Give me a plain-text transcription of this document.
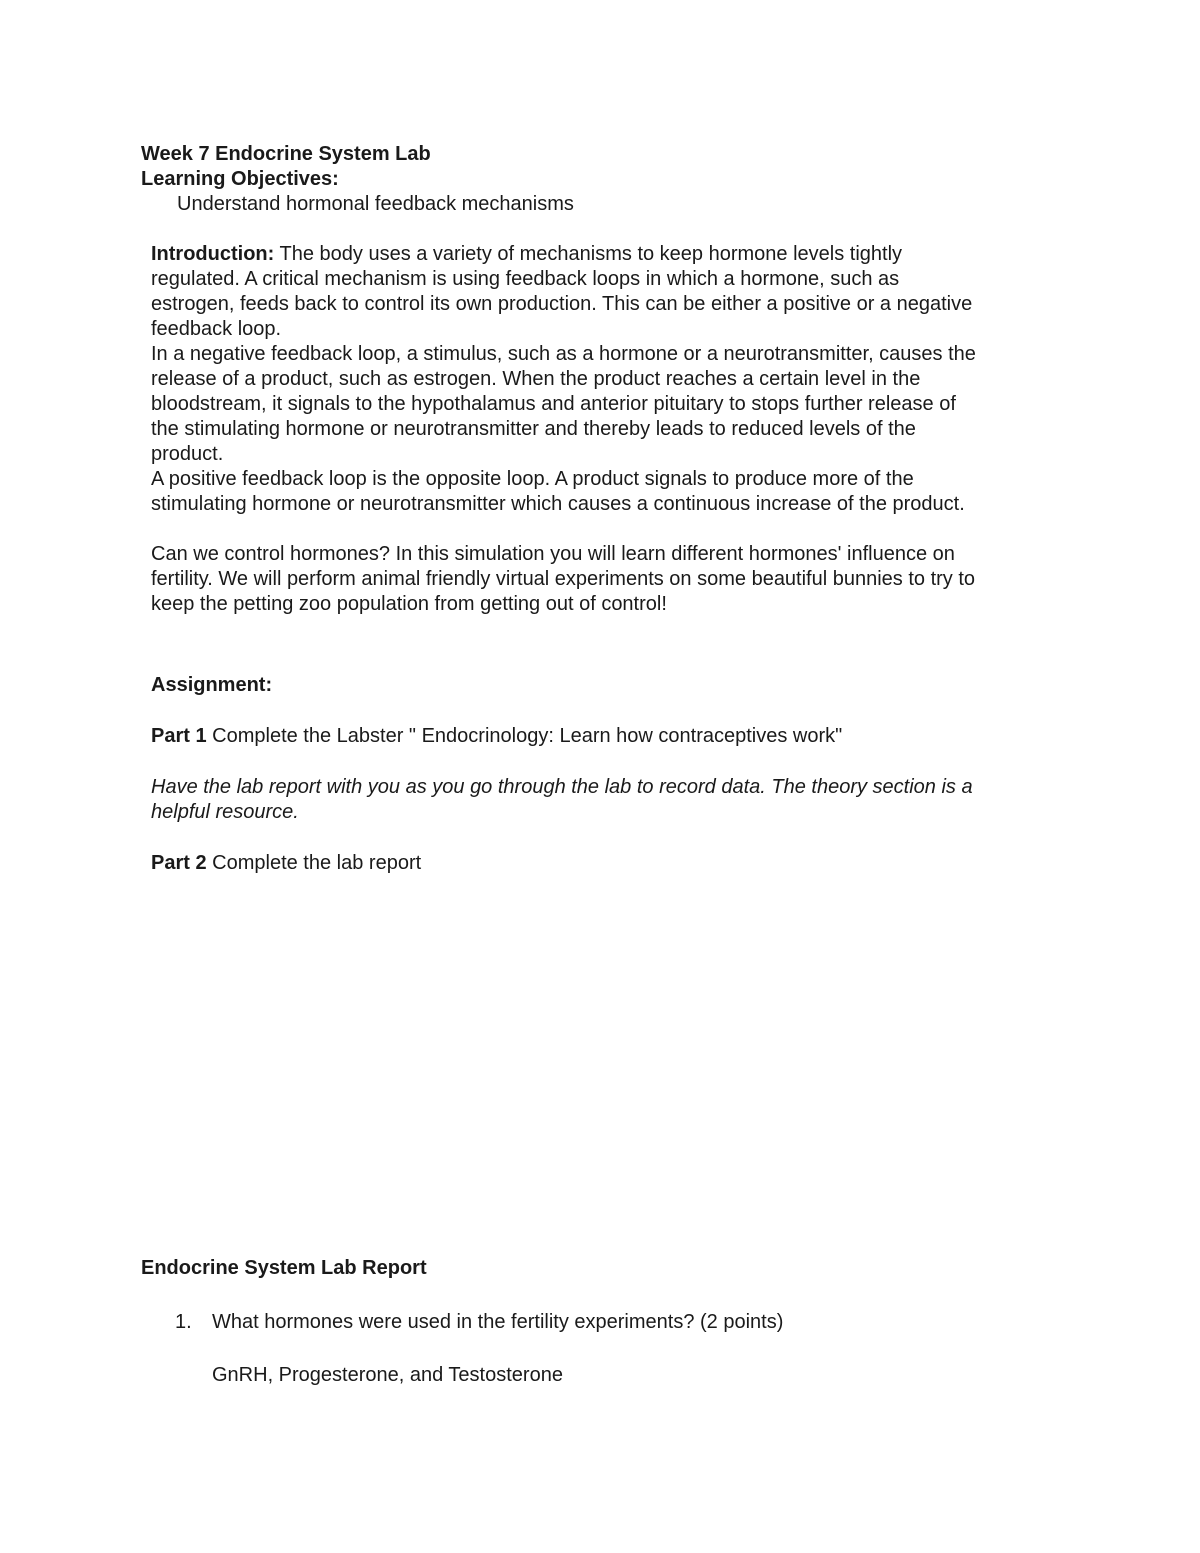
Week 7 Endocrine System Lab
Learning Objectives:
Understand hormonal feedback mechanisms

Introduction: The body uses a variety of mechanisms to keep hormone levels tightly

regulated. A critical mechanism is using feedback loops in which a hormone, such as

estrogen, feeds back to control its own production. This can be either a positive or a negative

feedback loop.

In a negative feedback loop, a stimulus, such as a hormone or a neurotransmitter, causes the

release of a product, such as estrogen. When the product reaches a certain level in the

bloodstream, it signals to the hypothalamus and anterior pituitary to stops further release of

the stimulating hormone or neurotransmitter and thereby leads to reduced levels of the

product.

A positive feedback loop is the opposite loop. A product signals to produce more of the

stimulating hormone or neurotransmitter which causes a continuous increase of the product.

Can we control hormones? In this simulation you will learn different hormones' influence on

fertility. We will perform animal friendly virtual experiments on some beautiful bunnies to try to

keep the petting zoo population from getting out of control!

Assignment:
Part 1 Complete the Labster " Endocrinology: Learn how contraceptives work"
Have the lab report with you as you go through the lab to record data. The theory section is a
helpful resource.
Part 2 Complete the lab report
Endocrine System Lab Report
1. What hormones were used in the fertility experiments? (2 points)
GnRH, Progesterone, and Testosterone
